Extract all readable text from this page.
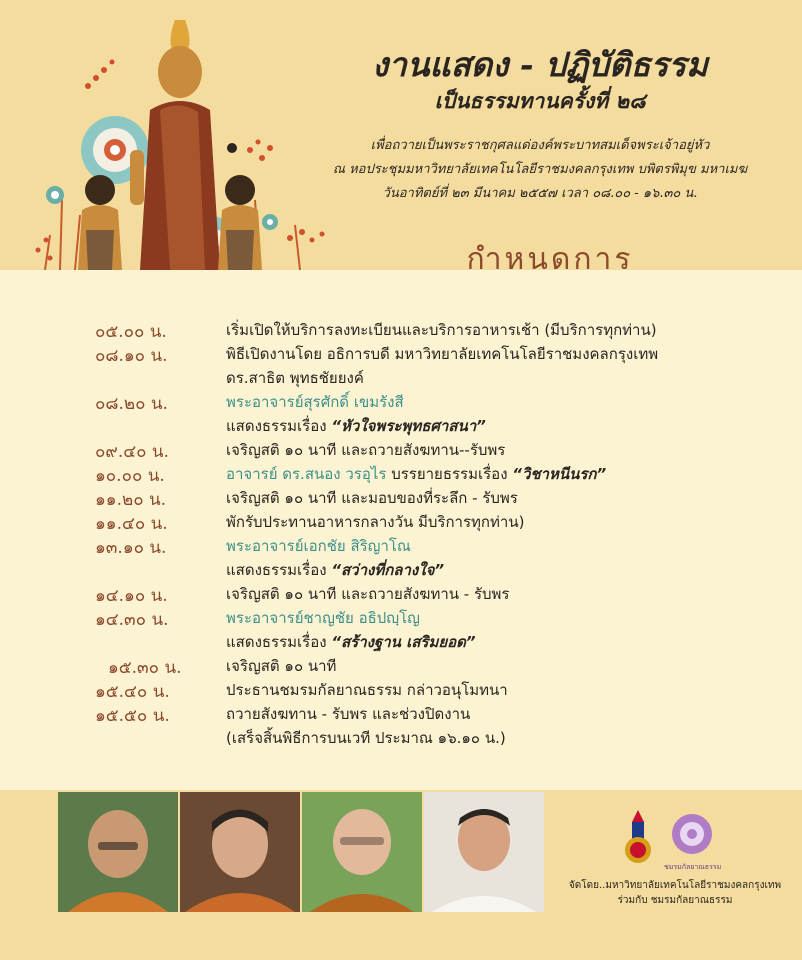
งานแสดง - ปฏิบัติธรรม
เป็นธรรมทานครั้งที่ ๒๘
เพื่อถวายเป็นพระราชกุศลแด่องค์พระบาทสมเด็จพระเจ้าอยู่หัว
ณ หอประชุมมหาวิทยาลัยเทคโนโลยีราชมงคลกรุงเทพ บพิตรพิมุข มหาเมฆ
วันอาทิตย์ที่ ๒๓ มีนาคม ๒๕๕๗ เวลา ๐๘.๐๐ - ๑๖.๓๐ น.
กำหนดการ
๐๕.๐๐ น.	เริ่มเปิดให้บริการลงทะเบียนและบริการอาหารเช้า (มีบริการทุกท่าน)
๐๘.๑๐ น.	พิธีเปิดงานโดย อธิการบดี มหาวิทยาลัยเทคโนโลยีราชมงคลกรุงเทพ
ดร.สาธิต พุทธชัยยงค์
๐๘.๒๐ น.	พระอาจารย์สุรศักดิ์ เขมรังสี
แสดงธรรมเรื่อง “หัวใจพระพุทธศาสนา”
๐๙.๔๐ น.	เจริญสติ ๑๐ นาที และถวายสังฆทาน--รับพร
๑๐.๐๐ น.	อาจารย์ ดร.สนอง วรอุไร บรรยายธรรมเรื่อง “วิชาหนีนรก”
๑๑.๒๐ น.	เจริญสติ ๑๐ นาที และมอบของที่ระลึก - รับพร
๑๑.๔๐ น.	พักรับประทานอาหารกลางวัน มีบริการทุกท่าน)
๑๓.๑๐ น.	พระอาจารย์เอกชัย สิริญาโณ
แสดงธรรมเรื่อง “สว่างที่กลางใจ”
๑๔.๑๐ น.	เจริญสติ ๑๐ นาที และถวายสังฆทาน - รับพร
๑๔.๓๐ น.	พระอาจารย์ชาญชัย อธิปญฺโญ
แสดงธรรมเรื่อง “สร้างฐาน เสริมยอด”
๑๕.๓๐ น.	เจริญสติ ๑๐ นาที
๑๕.๔๐ น.	ประธานชมรมกัลยาณธรรม กล่าวอนุโมทนา
๑๕.๕๐ น.	ถวายสังฆทาน - รับพร และช่วงปิดงาน
(เสร็จสิ้นพิธีการบนเวที ประมาณ ๑๖.๑๐ น.)
ชมรมกัลยาณธรรม
จัดโดย..มหาวิทยาลัยเทคโนโลยีราชมงคลกรุงเทพ
ร่วมกับ ชมรมกัลยาณธรรม
